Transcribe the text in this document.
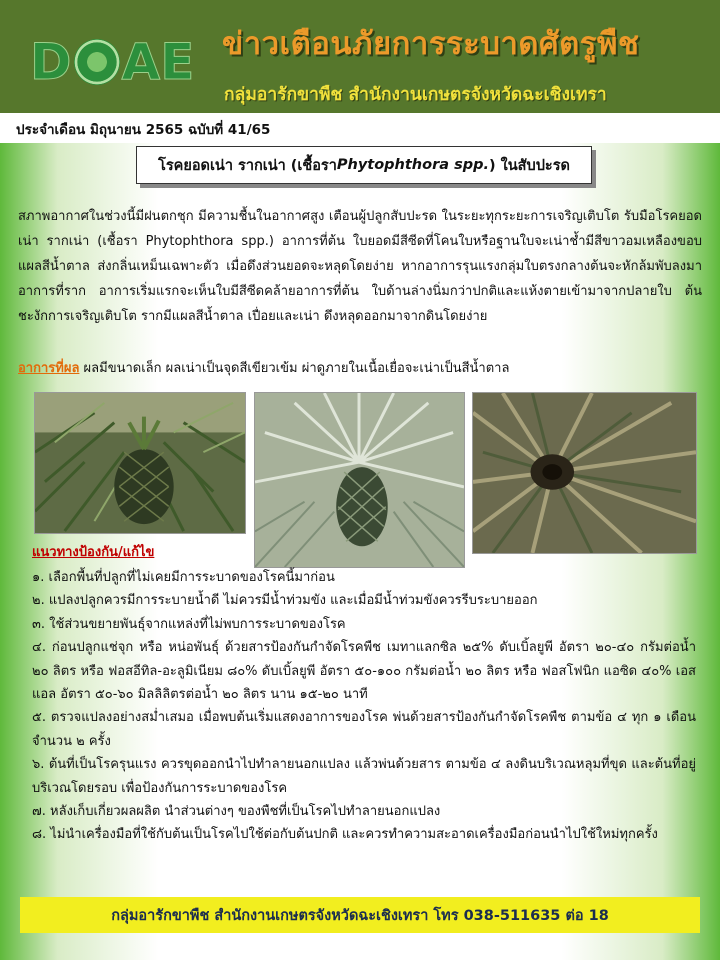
D AE ข่าวเตือนภัยการระบาดศัตรูพืช
กลุ่มอารักขาพืช สำนักงานเกษตรจังหวัดฉะเชิงเทรา
ประจำเดือน มิถุนายน 2565 ฉบับที่ 41/65
โรคยอดเน่า รากเน่า (เชื้อรา Phytophthora spp. ) ในสับปะรด

สภาพอากาศในช่วงนี้มีฝนตกชุก มีความชื้นในอากาศสูง เตือนผู้ปลูกสับปะรด ในระยะทุกระยะการเจริญเติบโต รับมือโรคยอดเน่า รากเน่า (เชื้อรา Phytophthora spp.) อาการที่ต้น ใบยอดมีสีซีดที่โคนใบหรือฐานใบจะเน่าช้ำมีสีขาวอมเหลืองขอบแผลสีน้ำตาล ส่งกลิ่นเหม็นเฉพาะตัว เมื่อดึงส่วนยอดจะหลุดโดยง่าย หากอาการรุนแรงกลุ่มใบตรงกลางต้นจะหักล้มพับลงมา อาการที่ราก อาการเริ่มแรกจะเห็นใบมีสีซีดคล้ายอาการที่ต้น ใบด้านล่างนิ่มกว่าปกติและแห้งตายเข้ามาจากปลายใบ ต้นชะงักการเจริญเติบโต รากมีแผลสีน้ำตาล เปื่อยและเน่า ดึงหลุดออกมาจากดินโดยง่าย

อาการที่ผล ผลมีขนาดเล็ก ผลเน่าเป็นจุดสีเขียวเข้ม ผ่าดูภายในเนื้อเยื่อจะเน่าเป็นสีน้ำตาล

แนวทางป้องกัน/แก้ไข
๑. เลือกพื้นที่ปลูกที่ไม่เคยมีการระบาดของโรคนี้มาก่อน
๒. แปลงปลูกควรมีการระบายน้ำดี ไม่ควรมีน้ำท่วมขัง และเมื่อมีน้ำท่วมขังควรรีบระบายออก
๓. ใช้ส่วนขยายพันธุ์จากแหล่งที่ไม่พบการระบาดของโรค
๔. ก่อนปลูกแช่จุก หรือ หน่อพันธุ์ ด้วยสารป้องกันกำจัดโรคพืช เมทาแลกซิล ๒๕% ดับเบิ้ลยูพี อัตรา ๒๐-๔๐ กรัมต่อน้ำ ๒๐ ลิตร หรือ ฟอสอีทิล-อะลูมิเนียม ๘๐% ดับเบิ้ลยูพี อัตรา ๕๐-๑๐๐ กรัมต่อน้ำ ๒๐ ลิตร หรือ ฟอสโฟนิก แอซิด ๔๐% เอสแอล อัตรา ๕๐-๖๐ มิลลิลิตรต่อน้ำ ๒๐ ลิตร นาน ๑๕-๒๐ นาที
๕. ตรวจแปลงอย่างสม่ำเสมอ เมื่อพบต้นเริ่มแสดงอาการของโรค พ่นด้วยสารป้องกันกำจัดโรคพืช ตามข้อ ๔ ทุก ๑ เดือน จำนวน ๒ ครั้ง
๖. ต้นที่เป็นโรครุนแรง ควรขุดออกนำไปทำลายนอกแปลง แล้วพ่นด้วยสาร ตามข้อ ๔ ลงดินบริเวณหลุมที่ขุด และต้นที่อยู่บริเวณโดยรอบ เพื่อป้องกันการระบาดของโรค
๗. หลังเก็บเกี่ยวผลผลิต นำส่วนต่างๆ ของพืชที่เป็นโรคไปทำลายนอกแปลง
๘. ไม่นำเครื่องมือที่ใช้กับต้นเป็นโรคไปใช้ต่อกับต้นปกติ และควรทำความสะอาดเครื่องมือก่อนนำไปใช้ใหม่ทุกครั้ง
กลุ่มอารักขาพืช สำนักงานเกษตรจังหวัดฉะเชิงเทรา โทร 038-511635 ต่อ 18
